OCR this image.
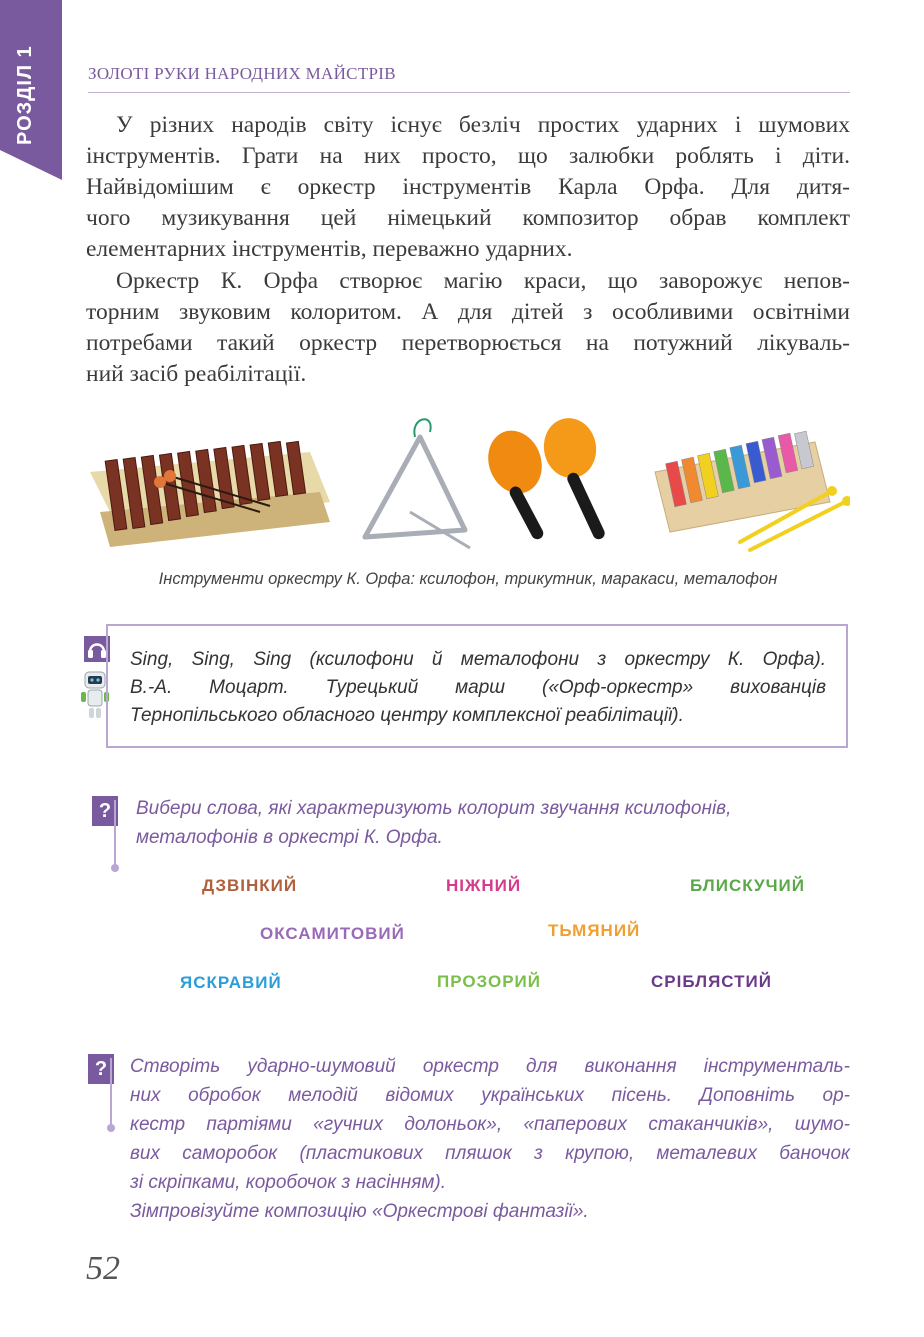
РОЗДІЛ 1	ЗОЛОТІ РУКИ НАРОДНИХ МАЙСТРІВ
У різних народів світу існує безліч простих ударних і шумових
інструментів. Грати на них просто, що залюбки роблять і діти.
Найвідомішим є оркестр інструментів Карла Орфа. Для дитя-
чого музикування цей німецький композитор обрав комплект
елементарних інструментів, переважно ударних.
Оркестр К. Орфа створює магію краси, що заворожує непов-
торним звуковим колоритом. А для дітей з особливими освітніми
потребами такий оркестр перетворюється на потужний лікуваль-
ний засіб реабілітації.
Інструменти оркестру К. Орфа: ксилофон, трикутник, маракаси, металофон
Sing, Sing, Sing (ксилофони й металофони з оркестру К. Орфа).
В.-А. Моцарт. Турецький марш («Орф-оркестр» вихованців
Тернопільського обласного центру комплексної реабілітації).
?	Вибери слова, які характеризують колорит звучання ксилофонів,
металофонів в оркестрі К. Орфа.
ДЗВІНКИЙ	НІЖНИЙ	БЛИСКУЧИЙ
ОКСАМИТОВИЙ	ТЬМЯНИЙ
ЯСКРАВИЙ	ПРОЗОРИЙ	СРІБЛЯСТИЙ
?	Створіть ударно-шумовий оркестр для виконання інструменталь-
них обробок мелодій відомих українських пісень. Доповніть ор-
кестр партіями «гучних долоньок», «паперових стаканчиків», шумо-
вих саморобок (пластикових пляшок з крупою, металевих баночок
зі скріпками, коробочок з насінням).
Зімпровізуйте композицію «Оркестрові фантазії».
52
